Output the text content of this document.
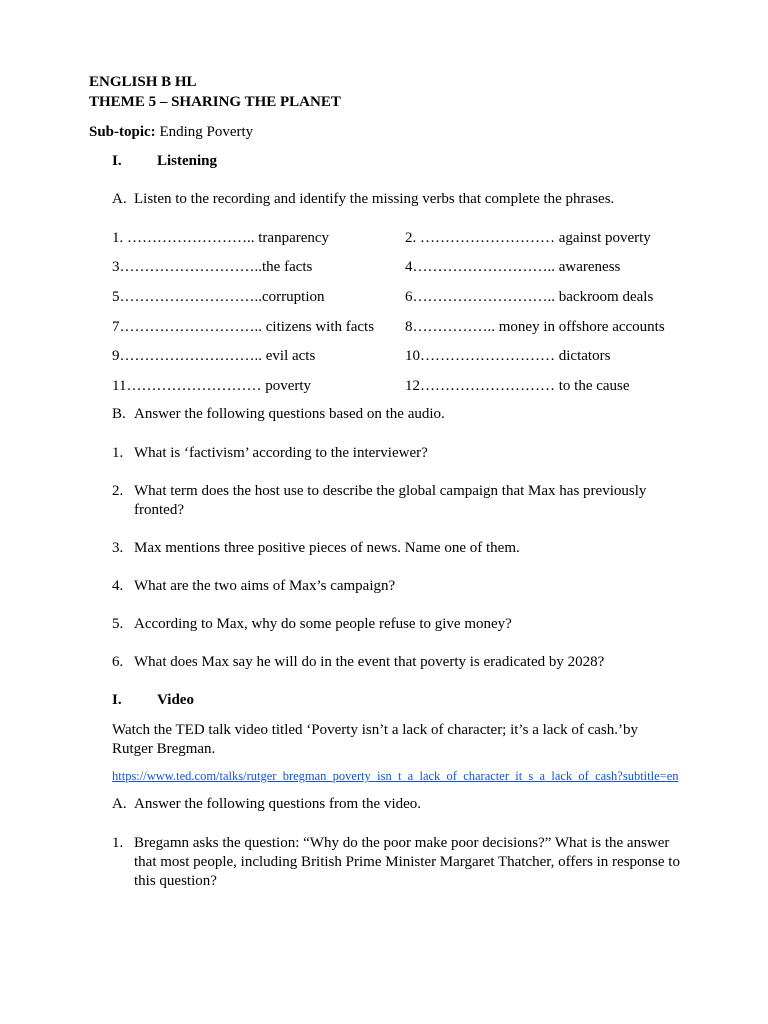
ENGLISH B HL
THEME 5 – SHARING THE PLANET
Sub-topic: Ending Poverty
I. Listening
A. Listen to the recording and identify the missing verbs that complete the phrases.
1. …………………….. tranparency
3………………………..the facts
5………………………..corruption
7……………………….. citizens with facts
9……………………….. evil acts
11……………………… poverty
2. ……………………… against poverty
4……………………….. awareness
6……………………….. backroom deals
8…………….. money in offshore accounts
10……………………… dictators
12……………………… to the cause
B. Answer the following questions based on the audio.
1. What is ‘factivism’ according to the interviewer?
2. What term does the host use to describe the global campaign that Max has previously fronted?
3. Max mentions three positive pieces of news. Name one of them.
4. What are the two aims of Max’s campaign?
5. According to Max, why do some people refuse to give money?
6. What does Max say he will do in the event that poverty is eradicated by 2028?
I. Video
Watch the TED talk video titled ‘Poverty isn’t a lack of character; it’s a lack of cash.’by Rutger Bregman.
https://www.ted.com/talks/rutger_bregman_poverty_isn_t_a_lack_of_character_it_s_a_lack_of_cash?subtitle=en
A. Answer the following questions from the video.
1. Bregamn asks the question: “Why do the poor make poor decisions?” What is the answer that most people, including British Prime Minister Margaret Thatcher, offers in response to this question?
